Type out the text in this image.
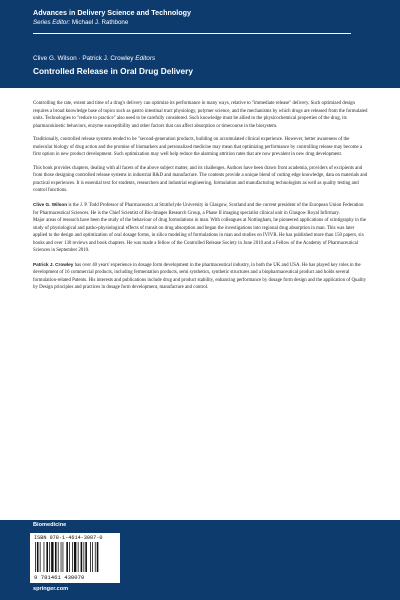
Advances in Delivery Science and Technology
Series Editor: Michael J. Rathbone
Clive G. Wilson · Patrick J. Crowley Editors
Controlled Release in Oral Drug Delivery

Controlling the rate, extent and time of a drug's delivery can optimize its performance in many ways, relative to "immediate release" delivery. Such optimized design requires a broad knowledge base of topics such as gastro intestinal tract physiology, polymer science, and the mechanisms by which drugs are released from the formulated units. Technologies to "reduce to practice" also need to be carefully considered. Such knowledge must be allied to the physicochemical properties of the drug, its pharmacokinetic behaviors, enzyme susceptibility and other factors that can affect absorption or timecourse in the biosystem.

Traditionally, controlled release systems tended to be "second-generation products, building on accumulated clinical experience. However, better awareness of the molecular biology of drug action and the promise of biomarkers and personalized medicine may mean that optimizing performance by controlling release may become a first option in new product development. Such optimization may well help reduce the alarming attrition rates that are now prevalent in new drug development.

This book provides chapters, dealing with all facets of the above subject matter, and its challenges. Authors have been drawn from academia, providers of excipients and from those designing controlled release systems in industrial R&D and manufacture. The contents provide a unique blend of cutting edge knowledge, data on materials and practical experiences. It is essential text for students, researchers and industrial engineering, formulation and manufacturing technologists as well as quality testing and control functions.

Clive G. Wilson is the J. P. Todd Professor of Pharmaceutics at Strathclyde University in Glasgow, Scotland and the current president of the European Union Federation for Pharmaceutical Sciences. He is the Chief Scientist of Bio-Images Research Group, a Phase II imaging specialist clinical unit in Glasgow Royal Infirmary.

Major areas of research have been the study of the behaviour of drug formulations in man. With colleagues at Nottingham, he pioneered applications of scintigraphy in the study of physiological and patho-physiological effects of transit on drug absorption and began the investigations into regional drug absorption in man. This was later applied to the design and optimization of oral dosage forms, in silico modeling of formulations in man and studies on IVIVR. He has published more than 150 papers, six books and over 130 reviews and book chapters. He was made a fellow of the Controlled Release Society in June 2010 and a Fellow of the Academy of Pharmaceutical Sciences in September 2010.

Patrick J. Crowley has over 40 years' experience in dosage form development in the pharmaceutical industry, in both the UK and USA. He has played key roles in the development of 16 commercial products, including fermentation products, semi synthetics, synthetic structures and a biopharmaceutical product and holds several formulation-related Patents. His interests and publications include drug and product stability, enhancing performance by dosage form design and the application of Quality by Design principles and practices in dosage form development, manufacture and control.

Biomedicine
ISBN 978-1-4614-3007-0
9 781461 430070
springer.com
